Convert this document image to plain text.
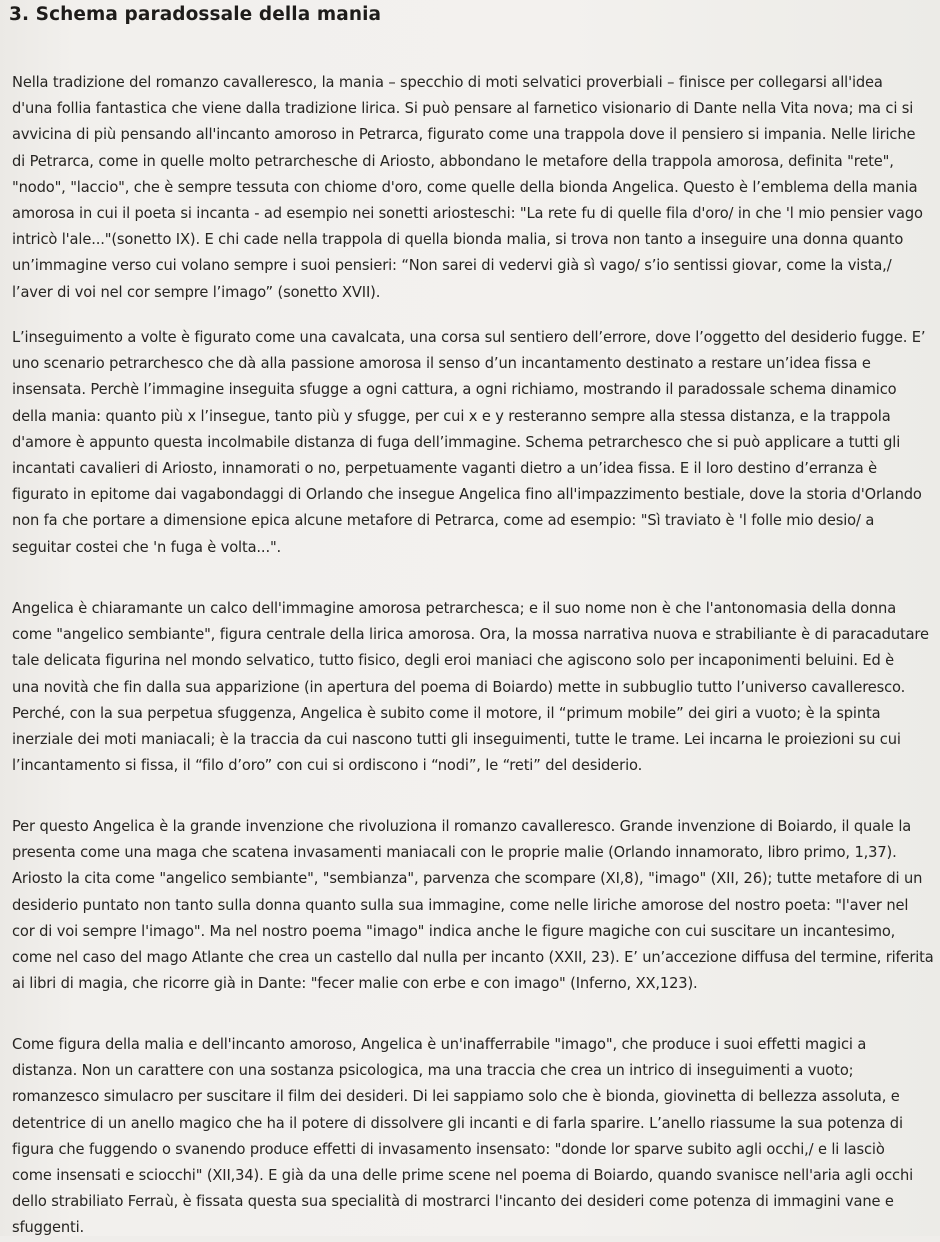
3. Schema paradossale della mania
Nella tradizione del romanzo cavalleresco, la mania – specchio di moti selvatici proverbiali – finisce per collegarsi all'idea
d'una follia fantastica che viene dalla tradizione lirica. Si può pensare al farnetico visionario di Dante nella Vita nova; ma ci si
avvicina di più pensando all'incanto amoroso in Petrarca, figurato come una trappola dove il pensiero si impania. Nelle liriche
di Petrarca, come in quelle molto petrarchesche di Ariosto, abbondano le metafore della trappola amorosa, definita "rete",
"nodo", "laccio", che è sempre tessuta con chiome d'oro, come quelle della bionda Angelica. Questo è l’emblema della mania
amorosa in cui il poeta si incanta - ad esempio nei sonetti ariosteschi: "La rete fu di quelle fila d'oro/ in che 'l mio pensier vago
intricò l'ale..."(sonetto IX). E chi cade nella trappola di quella bionda malia, si trova non tanto a inseguire una donna quanto
un’immagine verso cui volano sempre i suoi pensieri: “Non sarei di vedervi già sì vago/ s’io sentissi giovar, come la vista,/
l’aver di voi nel cor sempre l’imago” (sonetto XVII).
L’inseguimento a volte è figurato come una cavalcata, una corsa sul sentiero dell’errore, dove l’oggetto del desiderio fugge. E’
uno scenario petrarchesco che dà alla passione amorosa il senso d’un incantamento destinato a restare un’idea fissa e
insensata. Perchè l’immagine inseguita sfugge a ogni cattura, a ogni richiamo, mostrando il paradossale schema dinamico
della mania: quanto più x l’insegue, tanto più y sfugge, per cui x e y resteranno sempre alla stessa distanza, e la trappola
d'amore è appunto questa incolmabile distanza di fuga dell’immagine. Schema petrarchesco che si può applicare a tutti gli
incantati cavalieri di Ariosto, innamorati o no, perpetuamente vaganti dietro a un’idea fissa. E il loro destino d’erranza è
figurato in epitome dai vagabondaggi di Orlando che insegue Angelica fino all'impazzimento bestiale, dove la storia d'Orlando
non fa che portare a dimensione epica alcune metafore di Petrarca, come ad esempio: "Sì traviato è 'l folle mio desio/ a
seguitar costei che 'n fuga è volta...".
Angelica è chiaramante un calco dell'immagine amorosa petrarchesca; e il suo nome non è che l'antonomasia della donna
come "angelico sembiante", figura centrale della lirica amorosa. Ora, la mossa narrativa nuova e strabiliante è di paracadutare
tale delicata figurina nel mondo selvatico, tutto fisico, degli eroi maniaci che agiscono solo per incaponimenti beluini. Ed è
una novità che fin dalla sua apparizione (in apertura del poema di Boiardo) mette in subbuglio tutto l’universo cavalleresco.
Perché, con la sua perpetua sfuggenza, Angelica è subito come il motore, il “primum mobile” dei giri a vuoto; è la spinta
inerziale dei moti maniacali; è la traccia da cui nascono tutti gli inseguimenti, tutte le trame. Lei incarna le proiezioni su cui
l’incantamento si fissa, il “filo d’oro” con cui si ordiscono i “nodi”, le “reti” del desiderio.
Per questo Angelica è la grande invenzione che rivoluziona il romanzo cavalleresco. Grande invenzione di Boiardo, il quale la
presenta come una maga che scatena invasamenti maniacali con le proprie malie (Orlando innamorato, libro primo, 1,37).
Ariosto la cita come "angelico sembiante", "sembianza", parvenza che scompare (XI,8), "imago" (XII, 26); tutte metafore di un
desiderio puntato non tanto sulla donna quanto sulla sua immagine, come nelle liriche amorose del nostro poeta: "l'aver nel
cor di voi sempre l'imago". Ma nel nostro poema "imago" indica anche le figure magiche con cui suscitare un incantesimo,
come nel caso del mago Atlante che crea un castello dal nulla per incanto (XXII, 23). E’ un’accezione diffusa del termine, riferita
ai libri di magia, che ricorre già in Dante: "fecer malie con erbe e con imago" (Inferno, XX,123).
Come figura della malia e dell'incanto amoroso, Angelica è un'inafferrabile "imago", che produce i suoi effetti magici a
distanza. Non un carattere con una sostanza psicologica, ma una traccia che crea un intrico di inseguimenti a vuoto;
romanzesco simulacro per suscitare il film dei desideri. Di lei sappiamo solo che è bionda, giovinetta di bellezza assoluta, e
detentrice di un anello magico che ha il potere di dissolvere gli incanti e di farla sparire. L’anello riassume la sua potenza di
figura che fuggendo o svanendo produce effetti di invasamento insensato: "donde lor sparve subito agli occhi,/ e li lasciò
come insensati e sciocchi" (XII,34). E già da una delle prime scene nel poema di Boiardo, quando svanisce nell'aria agli occhi
dello strabiliato Ferraù, è fissata questa sua specialità di mostrarci l'incanto dei desideri come potenza di immagini vane e
sfuggenti.
